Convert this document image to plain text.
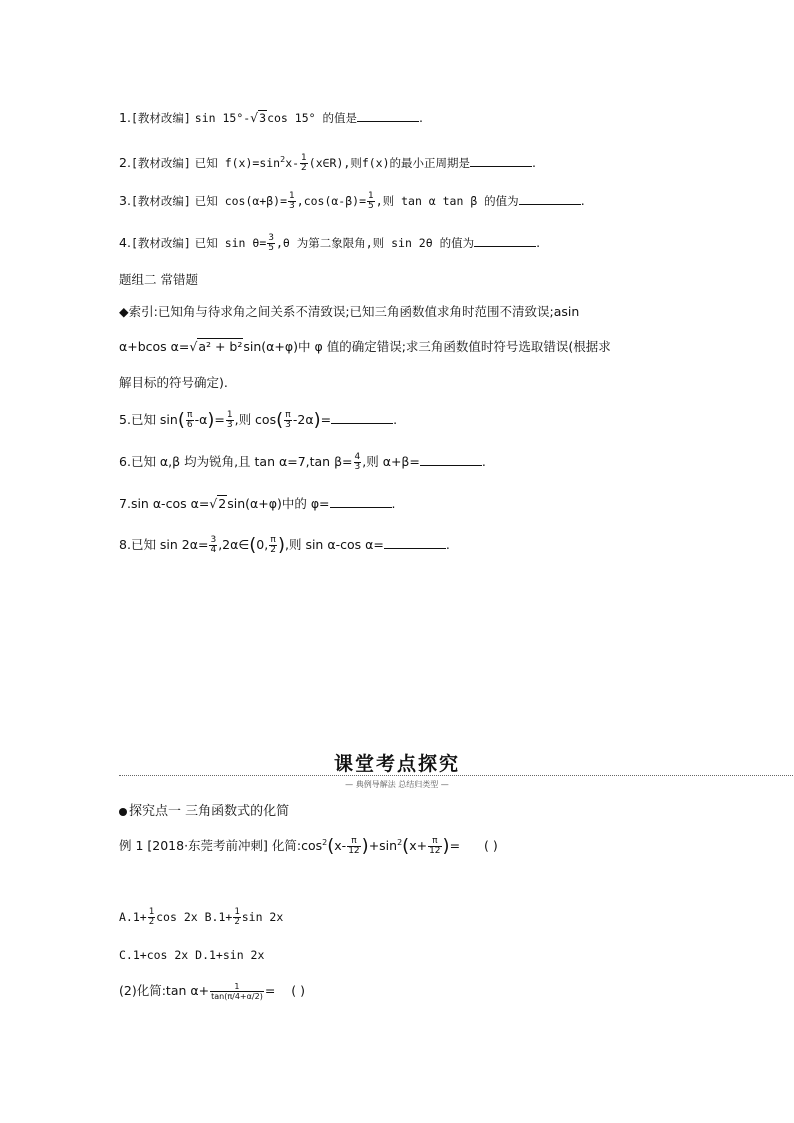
1.[教材改编] sin 15°-√3cos 15° 的值是	.
2.[教材改编] 已知 $f(x)=\sin^2x- \frac{1}{2}$ (x∈R),则f(x)的最小正周期是	.
3.[教材改编] 已知 $\cos(\alpha+\beta)= \frac{1}{3} ,\cos(\alpha-\beta)= \frac{1}{5}$ ,则 tan α tan β 的值为	.
4.[教材改编] 已知 $\sin \theta= \frac{3}{5} ,\theta$ 为第二象限角,则 sin 2θ 的值为	.
题组二 常错题
◆索引:已知角与待求角之间关系不清致误;已知三角函数值求角时范围不清致误;asin
α+bcos α=√a² + b²sin(α+φ)中 φ 值的确定错误;求三角函数值时符号选取错误(根据求
解目标的符号确定).
5.已知 $\sin( \frac{\pi}{6} -\alpha)= \frac{1}{3}$ ,则 $\cos( \frac{\pi}{3} -2\alpha)=$	.
6.已知 α,β 均为锐角,且 tan α=7,tan $\beta= \frac{4}{3}$ ,则 α+β=	.
7.sin α-cos α=√2sin(α+φ)中的 φ=	.
8.已知 $\sin 2\alpha= \frac{3}{4}$ ,2α∈(0, $\frac{\pi}{2}$ ),则 sin α-cos α=	.
课堂考点探究
— 典例导解法 总结归类型 —
探究点一 三角函数式的化简
例 1 [2018·东莞考前冲刺] 化简$:\cos^2(x- \frac{\pi}{12} )+\sin^2(x+ \frac{\pi}{12}$ )= ( )
$A.1+ \frac{1}{2}$ cos 2x $B.1+ \frac{1}{2}$ sin 2x
C.1+cos 2x D.1+sin 2x
(2)化简:tan $\alpha+ \frac{1}{\tan(\pi/4+\alpha/2)}$ = ( )
